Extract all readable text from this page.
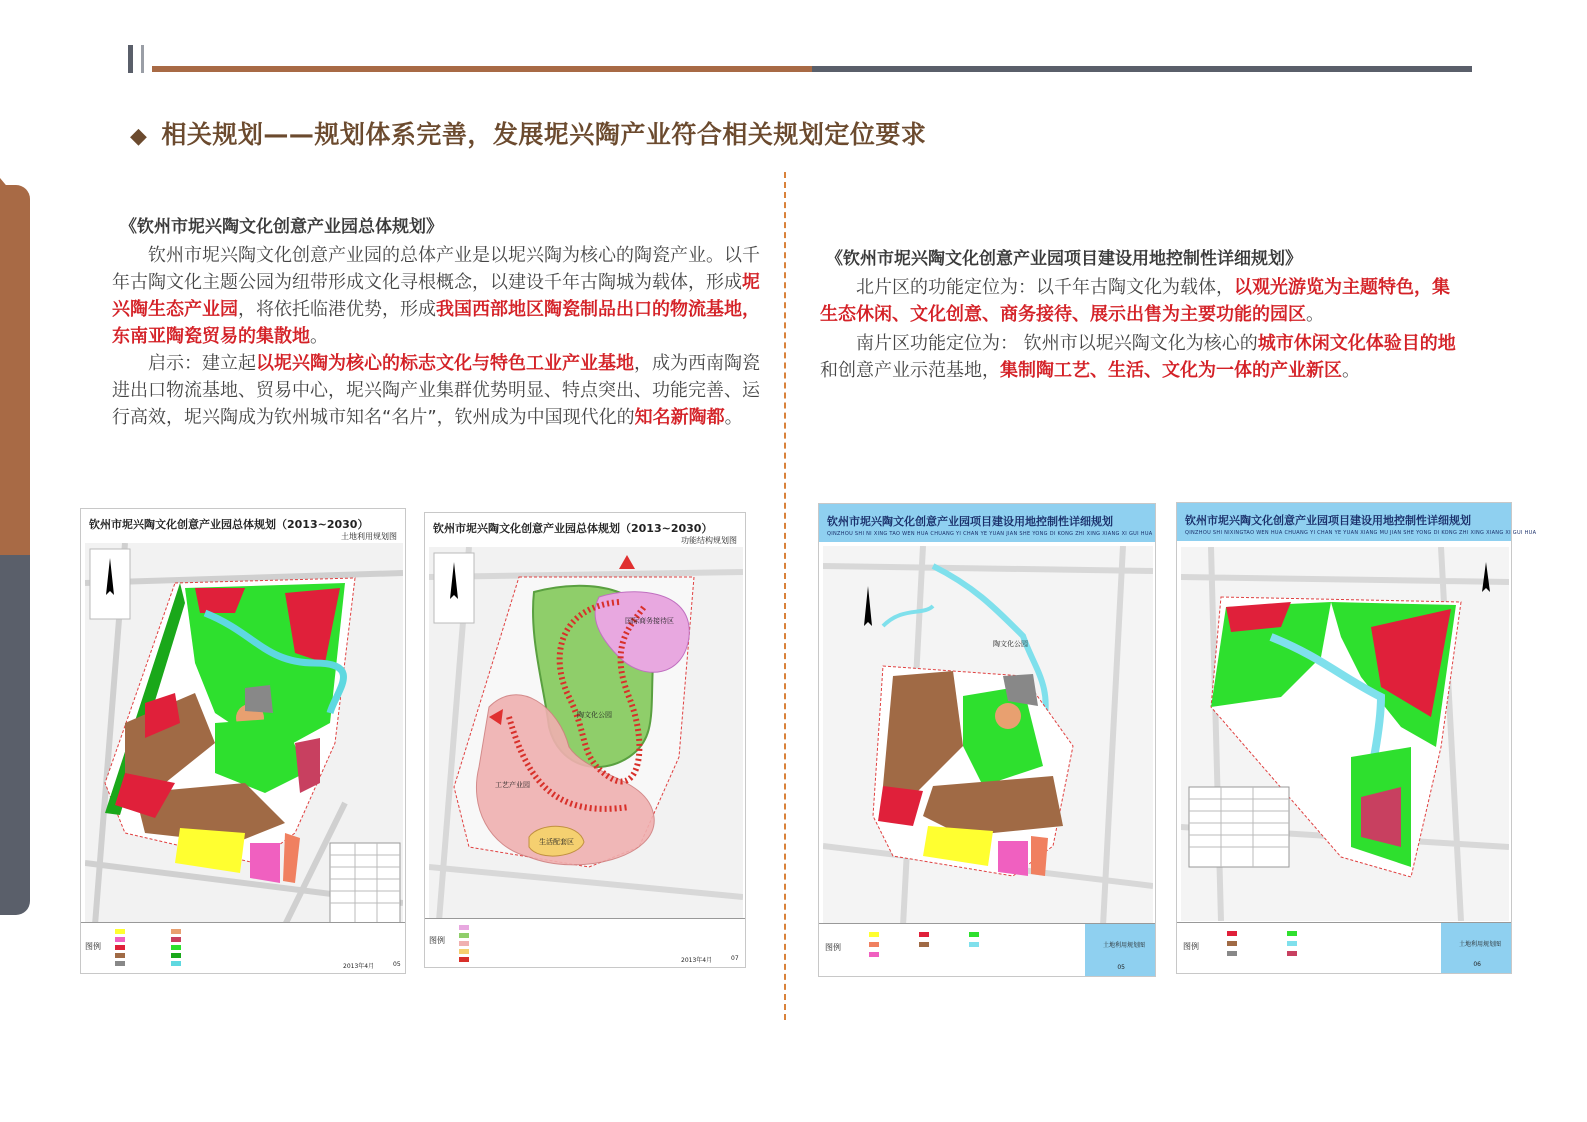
◆ 相关规划——规划体系完善，发展坭兴陶产业符合相关规划定位要求
《钦州市坭兴陶文化创意产业园总体规划》

钦州市坭兴陶文化创意产业园的总体产业是以坭兴陶为核心的陶瓷产业。以千年古陶文化主题公园为纽带形成文化寻根概念，以建设千年古陶城为载体，形成坭兴陶生态产业园，将依托临港优势，形成我国西部地区陶瓷制品出口的物流基地，东南亚陶瓷贸易的集散地。

启示：建立起以坭兴陶为核心的标志文化与特色工业产业基地，成为西南陶瓷进出口物流基地、贸易中心，坭兴陶产业集群优势明显、特点突出、功能完善、运行高效，坭兴陶成为钦州城市知名“名片”，钦州成为中国现代化的知名新陶都。

《钦州市坭兴陶文化创意产业园项目建设用地控制性详细规划》

北片区的功能定位为：以千年古陶文化为载体，以观光游览为主题特色，集生态休闲、文化创意、商务接待、展示出售为主要功能的园区。

南片区功能定位为： 钦州市以坭兴陶文化为核心的城市休闲文化体验目的地和创意产业示范基地，集制陶工艺、生活、文化为一体的产业新区。

钦州市坭兴陶文化创意产业园总体规划（2013~2030）
土地利用规划图
图例
2013年4月	05
钦州市坭兴陶文化创意产业园总体规划（2013~2030）
功能结构规划图
国际商务接待区
陶文化公园
工艺产业园
生活配套区
图例
2013年4月	07
钦州市坭兴陶文化创意产业园项目建设用地控制性详细规划
QINZHOU SHI NI XING TAO WEN HUA CHUANG YI CHAN YE YUAN JIAN SHE YONG DI KONG ZHI XING XIANG XI GUI HUA
陶文化公园
图例	土地利用规划图
05
钦州市坭兴陶文化创意产业园项目建设用地控制性详细规划
QINZHOU SHI NIXINGTAO WEN HUA CHUANG YI CHAN YE YUAN XIANG MU JIAN SHE YONG DI KONG ZHI XING XIANG XI GUI HUA
图例	土地利用规划图
06
